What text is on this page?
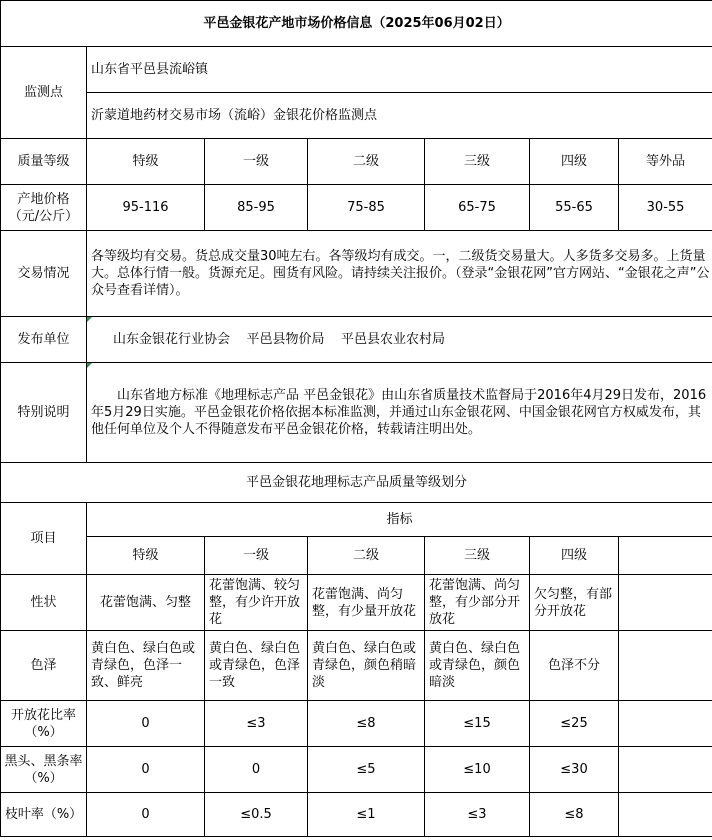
平邑金银花产地市场价格信息（2025年06月02日）						
监测点	山东省平邑县流峪镇					
	沂蒙道地药材交易市场（流峪）金银花价格监测点					
质量等级	特级	一级	二级	三级	四级	等外品
产地价格（元/公斤）	95-116	85-95	75-85	65-75	55-65	30-55
交易情况	各等级均有交易。货总成交量30吨左右。各等级均有成交。一，二级货交易量大。人多货多交易多。上货量大。总体行情一般。货源充足。囤货有风险。请持续关注报价。（登录“金银花网”官方网站、“金银花之声”公众号查看详情）。					
发布单位	山东金银花行业协会    平邑县物价局    平邑县农业农村局					
特别说明	山东省地方标准《地理标志产品 平邑金银花》由山东省质量技术监督局于2016年4月29日发布，2016年5月29日实施。平邑金银花价格依据本标准监测，并通过山东金银花网、中国金银花网官方权威发布，其他任何单位及个人不得随意发布平邑金银花价格，转载请注明出处。					
平邑金银花地理标志产品质量等级划分						
项目	指标					
	特级	一级	二级	三级	四级	
性状	花蕾饱满、匀整	花蕾饱满、较匀整，有少许开放花	花蕾饱满、尚匀整，有少量开放花	花蕾饱满、尚匀整，有少部分开放花	欠匀整，有部分开放花	
色泽	黄白色、绿白色或青绿色，色泽一致、鲜亮	黄白色、绿白色或青绿色，色泽一致	黄白色、绿白色或青绿色，颜色稍暗淡	黄白色、绿白色或青绿色，颜色暗淡	色泽不分	
开放花比率（%）	0	≤3	≤8	≤15	≤25	
黑头、黑条率（%）	0	0	≤5	≤10	≤30	
枝叶率（%）	0	≤0.5	≤1	≤3	≤8	
